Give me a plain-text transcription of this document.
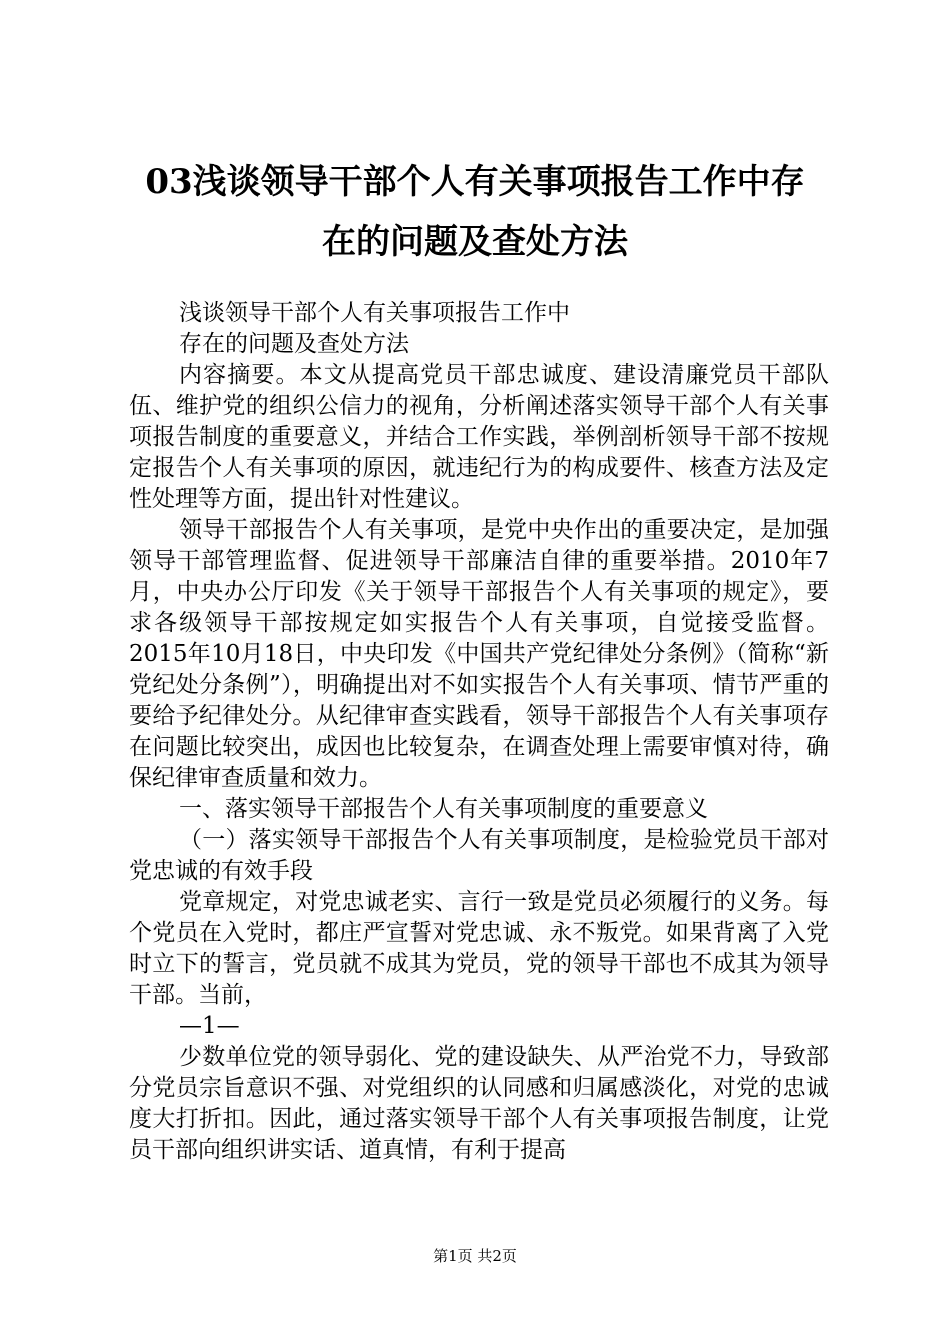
03浅谈领导干部个人有关事项报告工作中存
在的问题及查处方法

浅谈领导干部个人有关事项报告工作中

存在的问题及查处方法

内容摘要。本文从提高党员干部忠诚度、建设清廉党员干部队伍、维护党的组织公信力的视角，分析阐述落实领导干部个人有关事项报告制度的重要意义，并结合工作实践，举例剖析领导干部不按规定报告个人有关事项的原因，就违纪行为的构成要件、核查方法及定性处理等方面，提出针对性建议。

领导干部报告个人有关事项，是党中央作出的重要决定，是加强领导干部管理监督、促进领导干部廉洁自律的重要举措。2010年7月，中央办公厅印发《关于领导干部报告个人有关事项的规定》，要求各级领导干部按规定如实报告个人有关事项，自觉接受监督。2015年10月18日，中央印发《中国共产党纪律处分条例》（简称“新党纪处分条例”），明确提出对不如实报告个人有关事项、情节严重的要给予纪律处分。从纪律审查实践看，领导干部报告个人有关事项存在问题比较突出，成因也比较复杂，在调查处理上需要审慎对待，确保纪律审查质量和效力。

一、落实领导干部报告个人有关事项制度的重要意义

（一）落实领导干部报告个人有关事项制度，是检验党员干部对党忠诚的有效手段

党章规定，对党忠诚老实、言行一致是党员必须履行的义务。每个党员在入党时，都庄严宣誓对党忠诚、永不叛党。如果背离了入党时立下的誓言，党员就不成其为党员，党的领导干部也不成其为领导干部。当前，

—1—

少数单位党的领导弱化、党的建设缺失、从严治党不力，导致部分党员宗旨意识不强、对党组织的认同感和归属感淡化，对党的忠诚度大打折扣。因此，通过落实领导干部个人有关事项报告制度，让党员干部向组织讲实话、道真情，有利于提高

第1页 共2页
